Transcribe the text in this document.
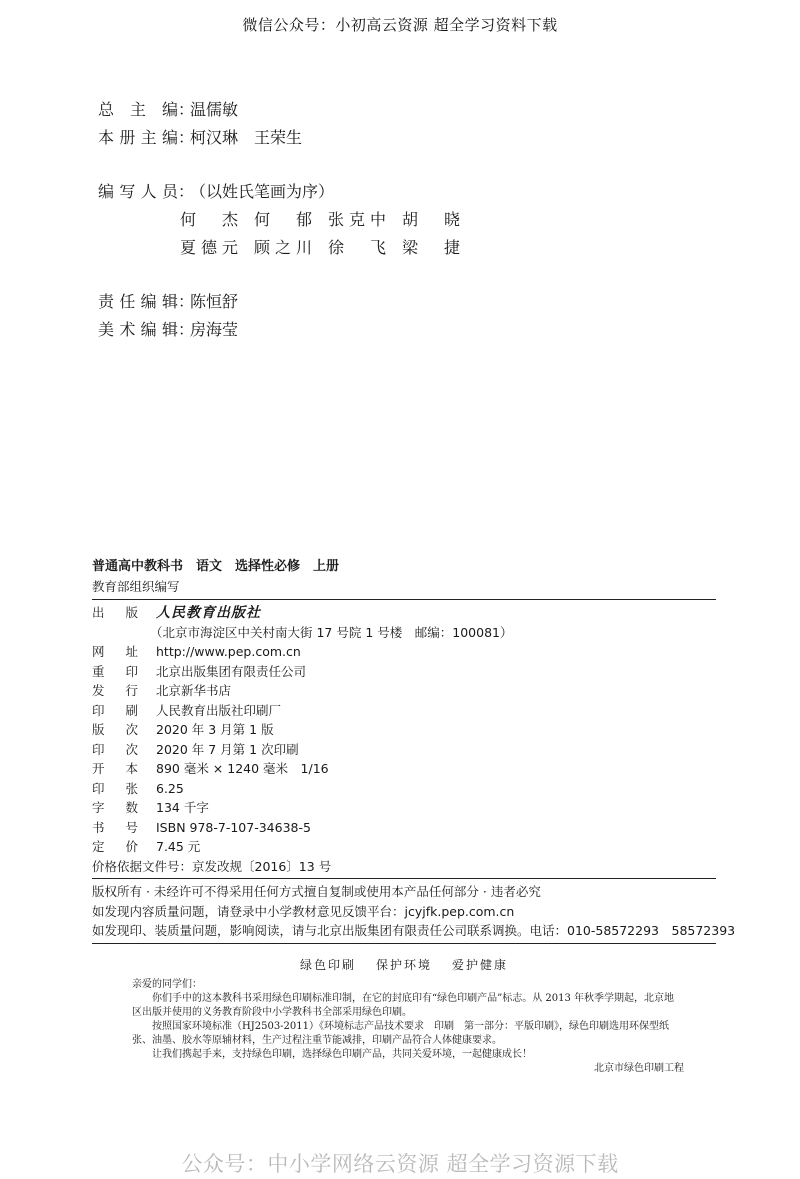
微信公众号：小初高云资源 超全学习资料下载
总主编：温儒敏
本册主编：柯汉琳　王荣生
编写人员：（以姓氏笔画为序）
何杰 何郁 张克中 胡晓
夏德元 顾之川 徐飞 梁捷
责任编辑：陈恒舒
美术编辑：房海莹
普通高中教科书　语文　选择性必修　上册
教育部组织编写
出版 人民教育出版社
（北京市海淀区中关村南大街 17 号院 1 号楼　邮编：100081）
网址 http://www.pep.com.cn
重印 北京出版集团有限责任公司
发行 北京新华书店
印刷 人民教育出版社印刷厂
版次 2020 年 3 月第 1 版
印次 2020 年 7 月第 1 次印刷
开本 890 毫米 × 1240 毫米　1/16
印张 6.25
字数 134 千字
书号 ISBN 978-7-107-34638-5
定价 7.45 元
价格依据文件号：京发改规〔2016〕13 号
版权所有 · 未经许可不得采用任何方式擅自复制或使用本产品任何部分 · 违者必究
如发现内容质量问题，请登录中小学教材意见反馈平台：jcyjfk.pep.com.cn
如发现印、装质量问题，影响阅读，请与北京出版集团有限责任公司联系调换。电话：010-58572293　58572393
绿色印刷 保护环境 爱护健康
亲爱的同学们：
你们手中的这本教科书采用绿色印刷标准印制，在它的封底印有“绿色印刷产品”标志。从 2013 年秋季学期起，北京地区出版并使用的义务教育阶段中小学教科书全部采用绿色印刷。
按照国家环境标准（HJ2503-2011）《环境标志产品技术要求　印刷　第一部分：平版印刷》，绿色印刷选用环保型纸张、油墨、胶水等原辅材料，生产过程注重节能减排，印刷产品符合人体健康要求。
让我们携起手来，支持绿色印刷，选择绿色印刷产品，共同关爱环境，一起健康成长！
北京市绿色印刷工程
公众号：中小学网络云资源 超全学习资源下载
